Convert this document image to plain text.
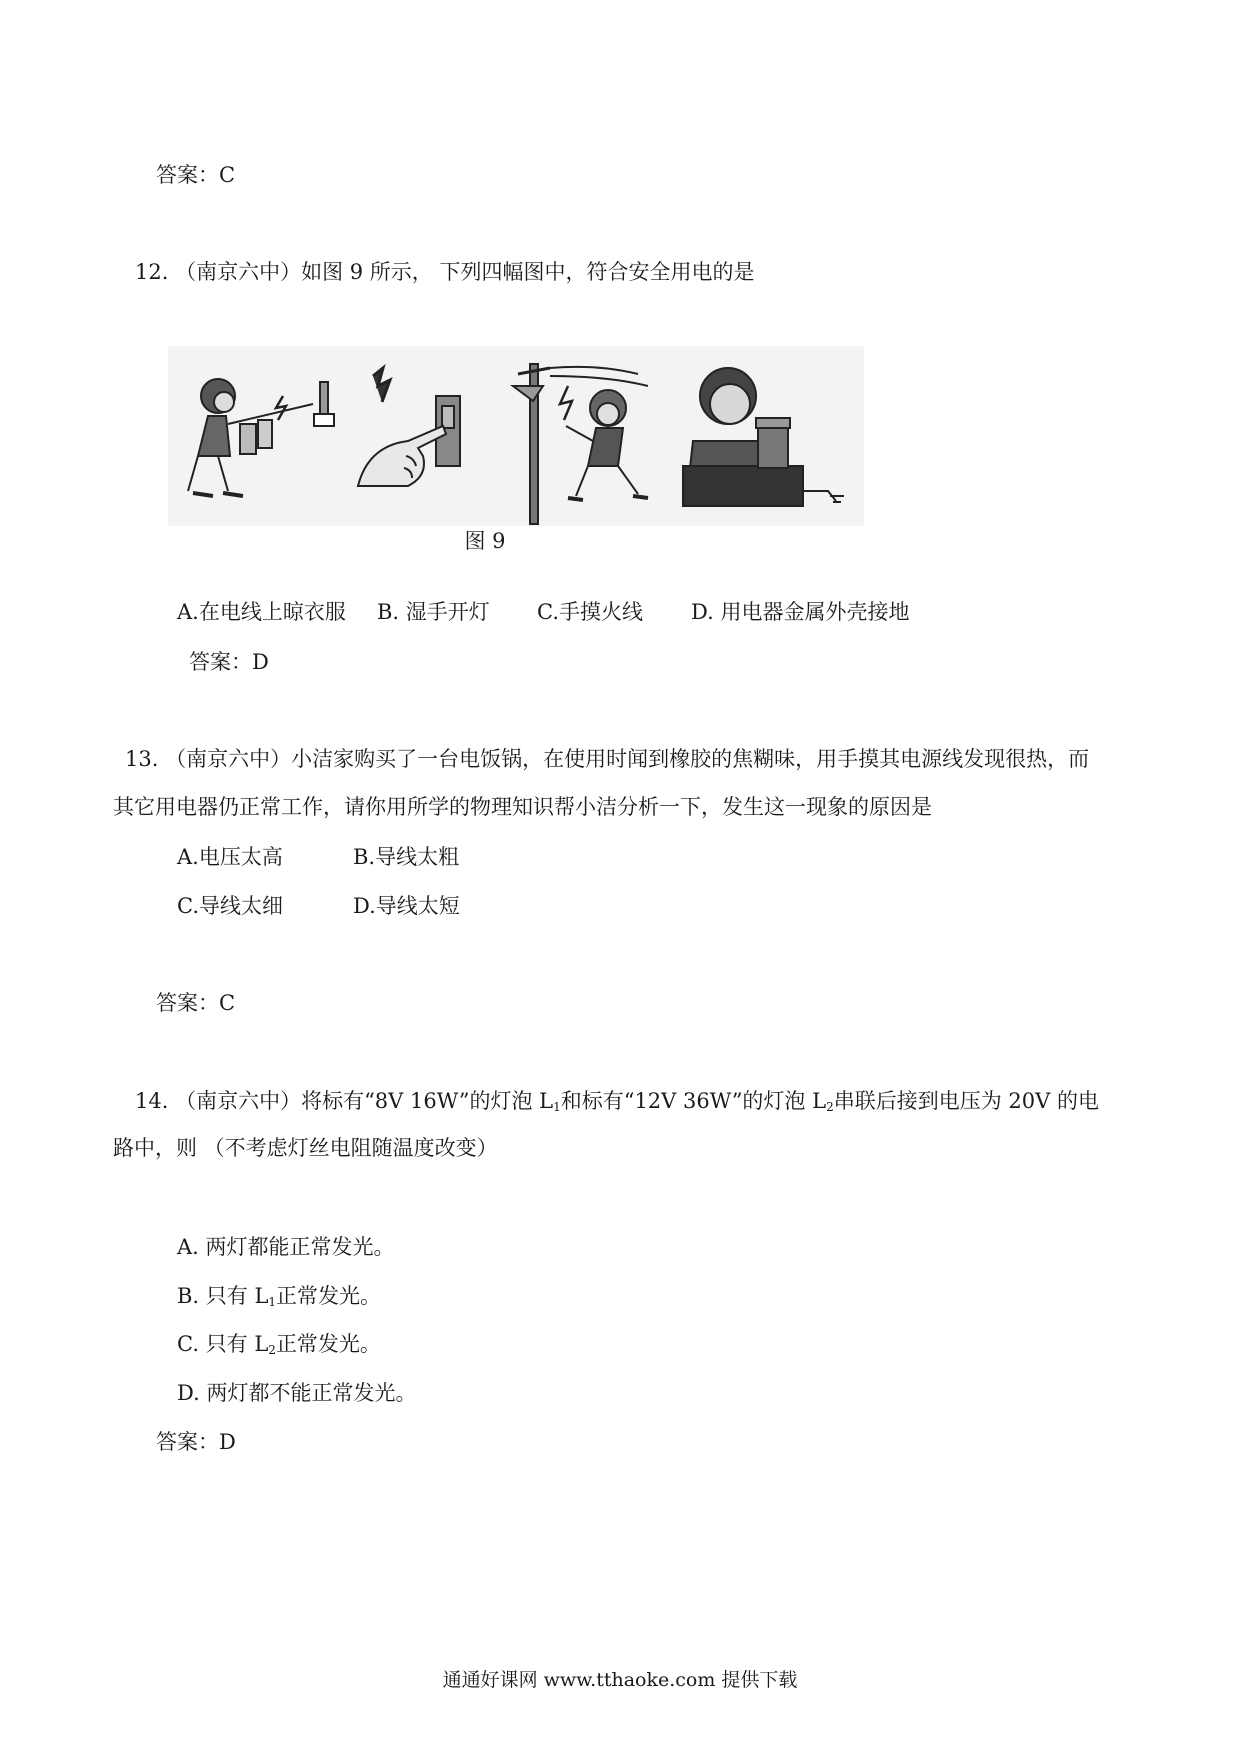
答案：C
12. （南京六中）如图 9 所示， 下列四幅图中，符合安全用电的是
图 9
A.在电线上晾衣服 B. 湿手开灯 C.手摸火线 D. 用电器金属外壳接地
答案：D
13. （南京六中）小洁家购买了一台电饭锅，在使用时闻到橡胶的焦糊味，用手摸其电源线发现很热，而
其它用电器仍正常工作，请你用所学的物理知识帮小洁分析一下，发生这一现象的原因是
A.电压太高	B.导线太粗
C.导线太细	D.导线太短
答案：C
14. （南京六中）将标有“8V 16W”的灯泡 $L_1$和标有“12V 36W”的灯泡 $L_2$串联后接到电压为 20V 的电
路中，则 （不考虑灯丝电阻随温度改变）
A. 两灯都能正常发光。
B. 只有 $L_1$正常发光。
C. 只有 $L_2$正常发光。
D. 两灯都不能正常发光。
答案：D
通通好课网 www.tthaoke.com 提供下载
